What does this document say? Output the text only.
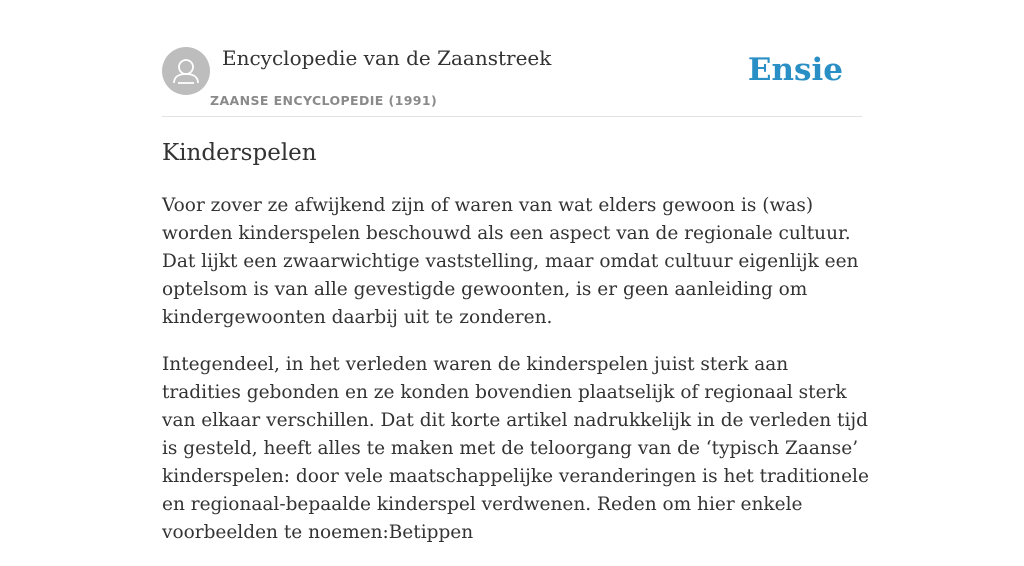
Encyclopedie van de Zaanstreek
ZAANSE ENCYCLOPEDIE (1991)
Ensie
Kinderspelen

Voor zover ze afwijkend zijn of waren van wat elders gewoon is (was) worden kinderspelen beschouwd als een aspect van de regionale cultuur. Dat lijkt een zwaarwichtige vaststelling, maar omdat cultuur eigenlijk een optelsom is van alle gevestigde gewoonten, is er geen aanleiding om kindergewoonten daarbij uit te zonderen.

Integendeel, in het verleden waren de kinderspelen juist sterk aan tradities gebonden en ze konden bovendien plaatselijk of regionaal sterk van elkaar verschillen. Dat dit korte artikel nadrukkelijk in de verleden tijd is gesteld, heeft alles te maken met de teloorgang van de ‘typisch Zaanse’ kinderspelen: door vele maatschappelijke veranderingen is het traditionele en regionaal-bepaalde kinderspel verdwenen. Reden om hier enkele voorbeelden te noemen:Betippen
